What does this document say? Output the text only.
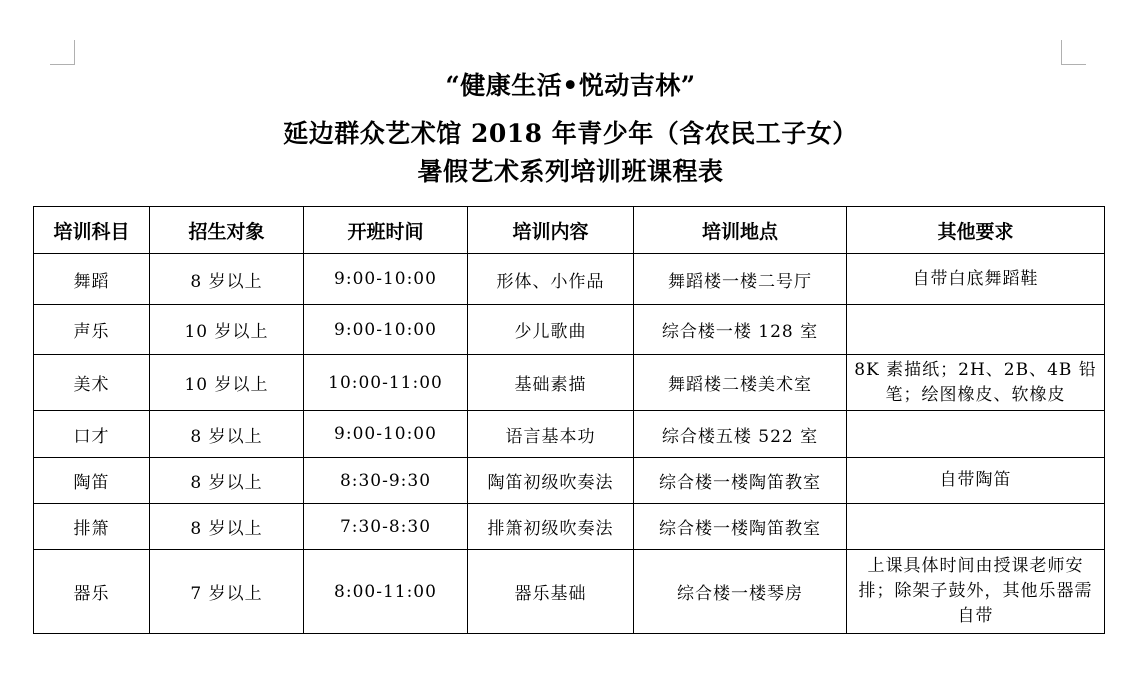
“健康生活•悦动吉林”
延边群众艺术馆 2018 年青少年（含农民工子女）
暑假艺术系列培训班课程表
培训科目	招生对象	开班时间	培训内容	培训地点	其他要求
舞蹈	8 岁以上	9:00-10:00	形体、小作品	舞蹈楼一楼二号厅	自带白底舞蹈鞋
声乐	10 岁以上	9:00-10:00	少儿歌曲	综合楼一楼 128 室	
美术	10 岁以上	10:00-11:00	基础素描	舞蹈楼二楼美术室	8K 素描纸；2H、2B、4B 铅笔；绘图橡皮、软橡皮
口才	8 岁以上	9:00-10:00	语言基本功	综合楼五楼 522 室	
陶笛	8 岁以上	8:30-9:30	陶笛初级吹奏法	综合楼一楼陶笛教室	自带陶笛
排箫	8 岁以上	7:30-8:30	排箫初级吹奏法	综合楼一楼陶笛教室	
器乐	7 岁以上	8:00-11:00	器乐基础	综合楼一楼琴房	上课具体时间由授课老师安排；除架子鼓外，其他乐器需自带
